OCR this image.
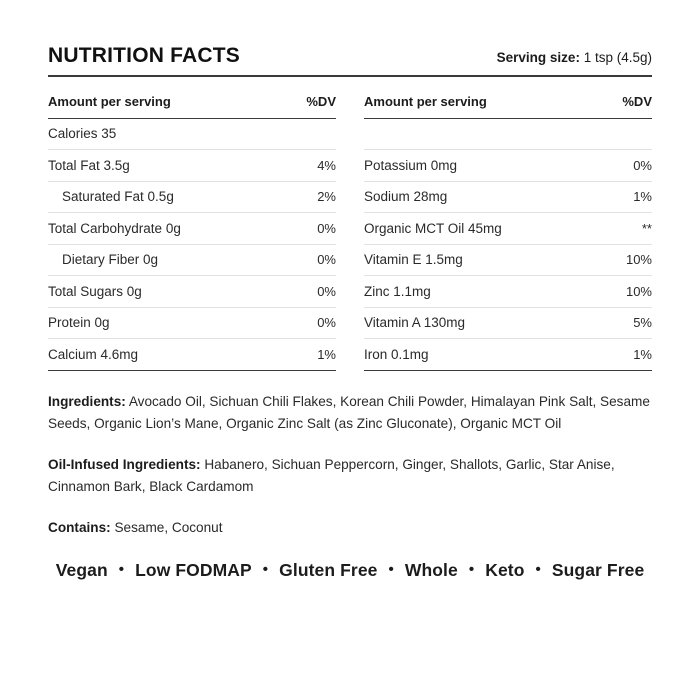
NUTRITION FACTS	Serving size: 1 tsp (4.5g)
Amount per serving	%DV
Calories 35	
Total Fat 3.5g	4%
Saturated Fat 0.5g	2%
Total Carbohydrate 0g	0%
Dietary Fiber 0g	0%
Total Sugars 0g	0%
Protein 0g	0%
Calcium 4.6mg	1%
Amount per serving	%DV

Potassium 0mg	0%
Sodium 28mg	1%
Organic MCT Oil 45mg	**
Vitamin E 1.5mg	10%
Zinc 1.1mg	10%
Vitamin A 130mg	5%
Iron 0.1mg	1%
Ingredients: Avocado Oil, Sichuan Chili Flakes, Korean Chili Powder, Himalayan Pink Salt, Sesame Seeds, Organic Lion’s Mane, Organic Zinc Salt (as Zinc Gluconate), Organic MCT Oil
Oil-Infused Ingredients: Habanero, Sichuan Peppercorn, Ginger, Shallots, Garlic, Star Anise, Cinnamon Bark, Black Cardamom
Contains: Sesame, Coconut
Vegan • Low FODMAP • Gluten Free • Whole • Keto • Sugar Free
